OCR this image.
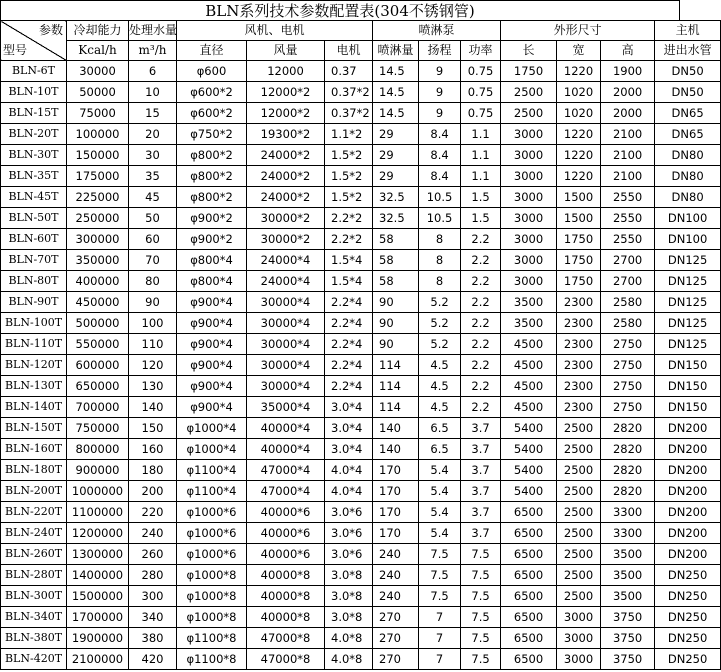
BLN系列技术参数配置表(304不锈钢管)
参数
型号	冷却能力	处理水量	风机、电机			喷淋泵			外形尺寸			主机
	Kcal/h	m³/h	直径	风量	电机	喷淋量	扬程	功率	长	宽	高	进出水管
BLN-6T	30000	6	φ600	12000	0.37	14.5	9	0.75	1750	1220	1900	DN50
BLN-10T	50000	10	φ600*2	12000*2	0.37*2	14.5	9	0.75	2500	1020	2000	DN50
BLN-15T	75000	15	φ600*2	12000*2	0.37*2	14.5	9	0.75	2500	1020	2000	DN65
BLN-20T	100000	20	φ750*2	19300*2	1.1*2	29	8.4	1.1	3000	1220	2100	DN65
BLN-30T	150000	30	φ800*2	24000*2	1.5*2	29	8.4	1.1	3000	1220	2100	DN80
BLN-35T	175000	35	φ800*2	24000*2	1.5*2	29	8.4	1.1	3000	1220	2100	DN80
BLN-45T	225000	45	φ800*2	24000*2	1.5*2	32.5	10.5	1.5	3000	1500	2550	DN80
BLN-50T	250000	50	φ900*2	30000*2	2.2*2	32.5	10.5	1.5	3000	1500	2550	DN100
BLN-60T	300000	60	φ900*2	30000*2	2.2*2	58	8	2.2	3000	1750	2550	DN100
BLN-70T	350000	70	φ800*4	24000*4	1.5*4	58	8	2.2	3000	1750	2700	DN125
BLN-80T	400000	80	φ800*4	24000*4	1.5*4	58	8	2.2	3000	1750	2700	DN125
BLN-90T	450000	90	φ900*4	30000*4	2.2*4	90	5.2	2.2	3500	2300	2580	DN125
BLN-100T	500000	100	φ900*4	30000*4	2.2*4	90	5.2	2.2	3500	2300	2580	DN125
BLN-110T	550000	110	φ900*4	30000*4	2.2*4	90	5.2	2.2	4500	2300	2750	DN125
BLN-120T	600000	120	φ900*4	30000*4	2.2*4	114	4.5	2.2	4500	2300	2750	DN150
BLN-130T	650000	130	φ900*4	30000*4	2.2*4	114	4.5	2.2	4500	2300	2750	DN150
BLN-140T	700000	140	φ900*4	35000*4	3.0*4	114	4.5	2.2	4500	2300	2750	DN150
BLN-150T	750000	150	φ1000*4	40000*4	3.0*4	140	6.5	3.7	5400	2500	2820	DN200
BLN-160T	800000	160	φ1000*4	40000*4	3.0*4	140	6.5	3.7	5400	2500	2820	DN200
BLN-180T	900000	180	φ1100*4	47000*4	4.0*4	170	5.4	3.7	5400	2500	2820	DN200
BLN-200T	1000000	200	φ1100*4	47000*4	4.0*4	170	5.4	3.7	5400	2500	2820	DN200
BLN-220T	1100000	220	φ1000*6	40000*6	3.0*6	170	5.4	3.7	6500	2500	3300	DN200
BLN-240T	1200000	240	φ1000*6	40000*6	3.0*6	170	5.4	3.7	6500	2500	3300	DN200
BLN-260T	1300000	260	φ1000*6	40000*6	3.0*6	240	7.5	7.5	6500	2500	3500	DN200
BLN-280T	1400000	280	φ1000*8	40000*8	3.0*8	240	7.5	7.5	6500	2500	3500	DN250
BLN-300T	1500000	300	φ1000*8	40000*8	3.0*8	240	7.5	7.5	6500	2500	3500	DN250
BLN-340T	1700000	340	φ1000*8	40000*8	3.0*8	270	7	7.5	6500	3000	3750	DN250
BLN-380T	1900000	380	φ1100*8	47000*8	4.0*8	270	7	7.5	6500	3000	3750	DN250
BLN-420T	2100000	420	φ1100*8	47000*8	4.0*8	270	7	7.5	6500	3000	3750	DN250
